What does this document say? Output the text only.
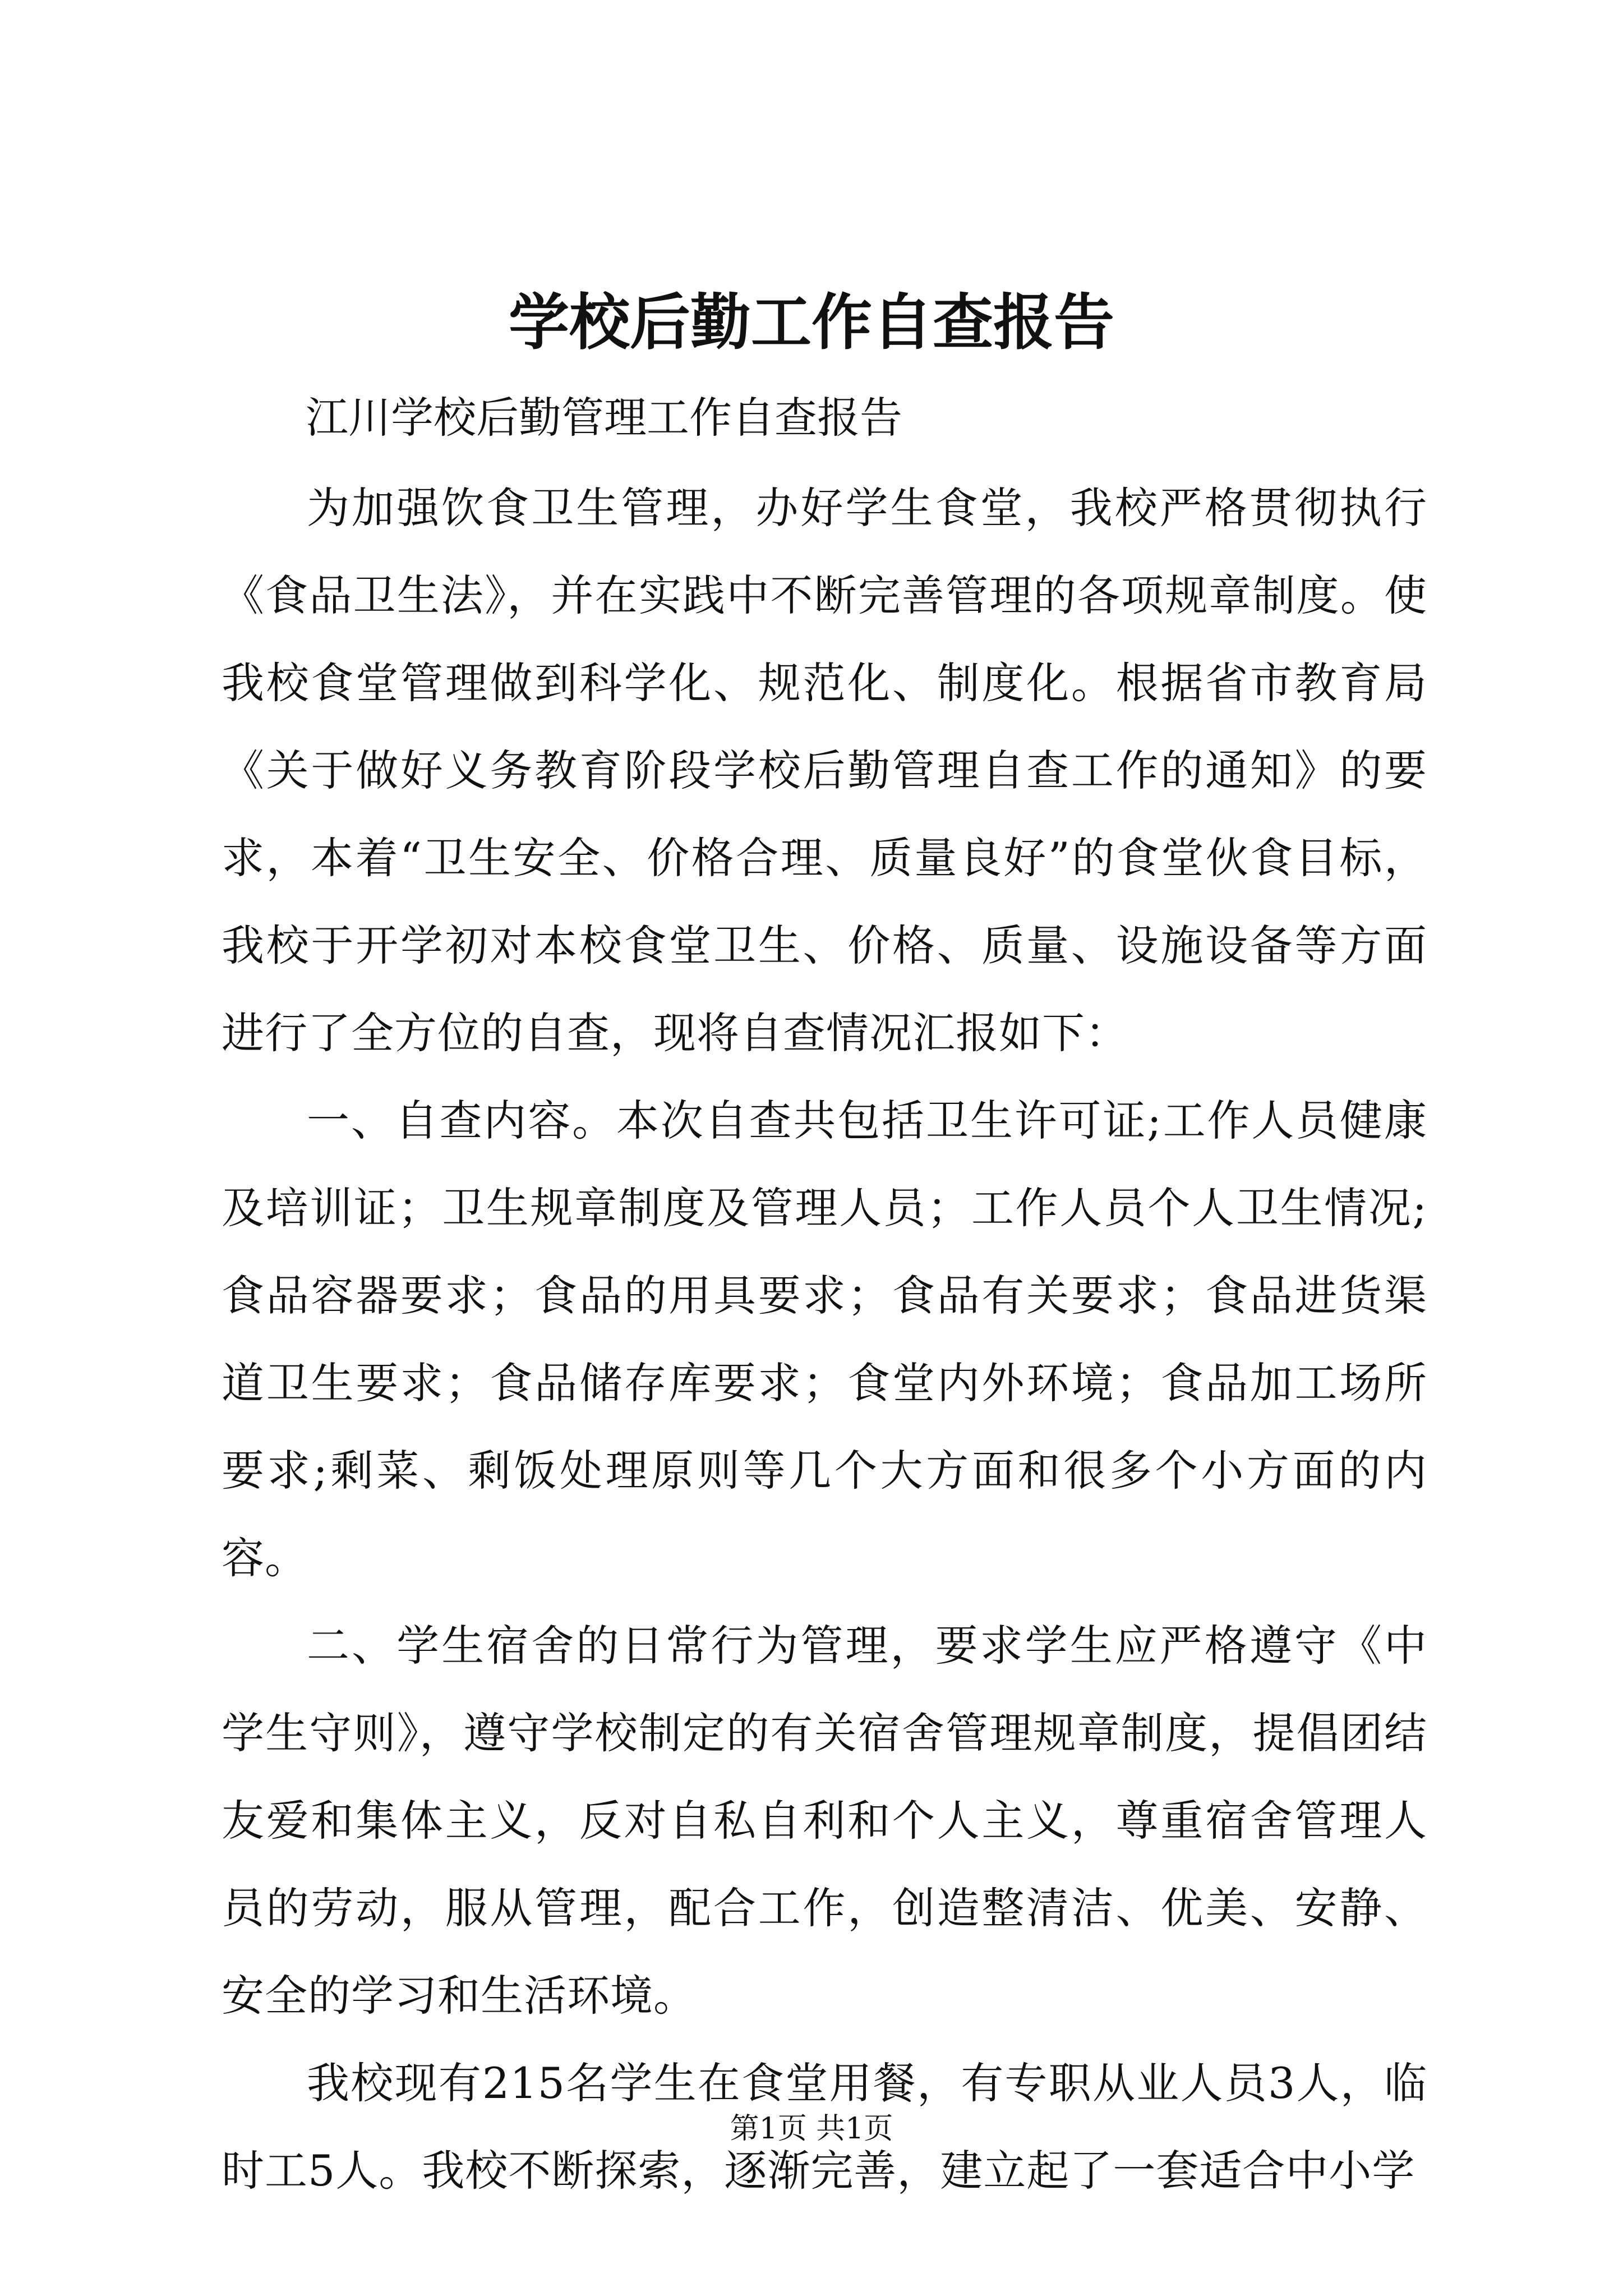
学校后勤工作自查报告

江川学校后勤管理工作自查报告

为加强饮食卫生管理，办好学生食堂，我校严格贯彻执行《食品卫生法》，并在实践中不断完善管理的各项规章制度。使我校食堂管理做到科学化、规范化、制度化。根据省市教育局《关于做好义务教育阶段学校后勤管理自查工作的通知》的要求，本着“卫生安全、价格合理、质量良好”的食堂伙食目标，我校于开学初对本校食堂卫生、价格、质量、设施设备等方面进行了全方位的自查，现将自查情况汇报如下：

一、自查内容。本次自查共包括卫生许可证;工作人员健康及培训证；卫生规章制度及管理人员；工作人员个人卫生情况;食品容器要求；食品的用具要求；食品有关要求；食品进货渠道卫生要求；食品储存库要求；食堂内外环境；食品加工场所要求;剩菜、剩饭处理原则等几个大方面和很多个小方面的内容。

二、学生宿舍的日常行为管理，要求学生应严格遵守《中学生守则》，遵守学校制定的有关宿舍管理规章制度，提倡团结友爱和集体主义，反对自私自利和个人主义，尊重宿舍管理人员的劳动，服从管理，配合工作，创造整清洁、优美、安静、安全的学习和生活环境。

我校现有215名学生在食堂用餐，有专职从业人员3人，临时工5人。我校不断探索，逐渐完善，建立起了一套适合中小学

第1页 共1页
